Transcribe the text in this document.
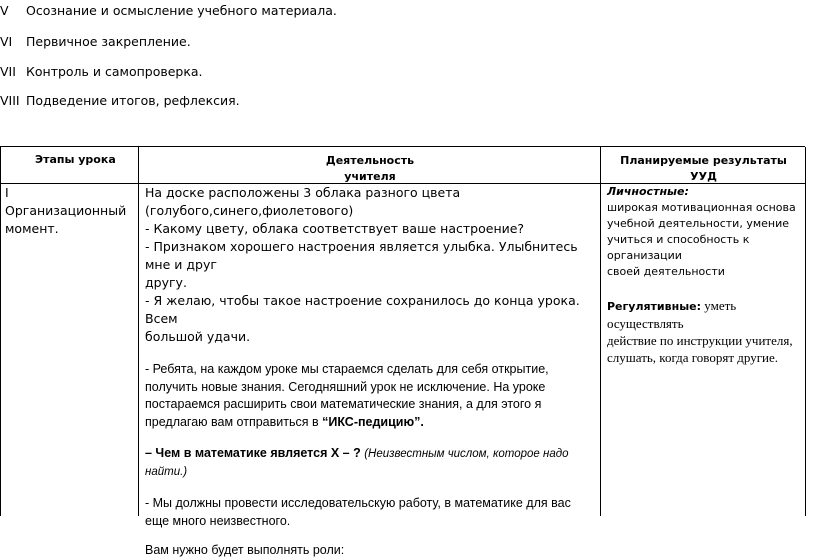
V Осознание и осмысление учебного материала.
VI Первичное закрепление.
VII Контроль и самопроверка.
VIII Подведение итогов, рефлексия.
Этапы урока	Деятельность
учителя
Планируемые результаты
УУД

IОрганизационный

момент.

На доске расположены 3 облака разного цвета

(голубого,синего,фиолетового)

- Какому цвету, облака соответствует ваше настроение?

- Признаком хорошего настроения является улыбка. Улыбнитесь мне и друг

другу.

- Я желаю, чтобы такое настроение сохранилось до конца урока. Всем

большой удачи.

- Ребята, на каждом уроке мы стараемся сделать для себя открытие,

получить новые знания. Сегодняшний урок не исключение. На уроке

постараемся расширить свои математические знания, а для этого я

предлагаю вам отправиться в “ИКС-педицию”.

– Чем в математике является Х – ? (Неизвестным числом, которое надо

найти.)

- Мы должны провести исследовательскую работу, в математике для вас

еще много неизвестного.

Вам нужно будет выполнять роли:

Личностные:

широкая мотивационная основа

учебной деятельности, умение

учиться и способность к организации

своей деятельности

Регулятивные: уметь осуществлять

действие по инструкции учителя,

слушать, когда говорят другие.
